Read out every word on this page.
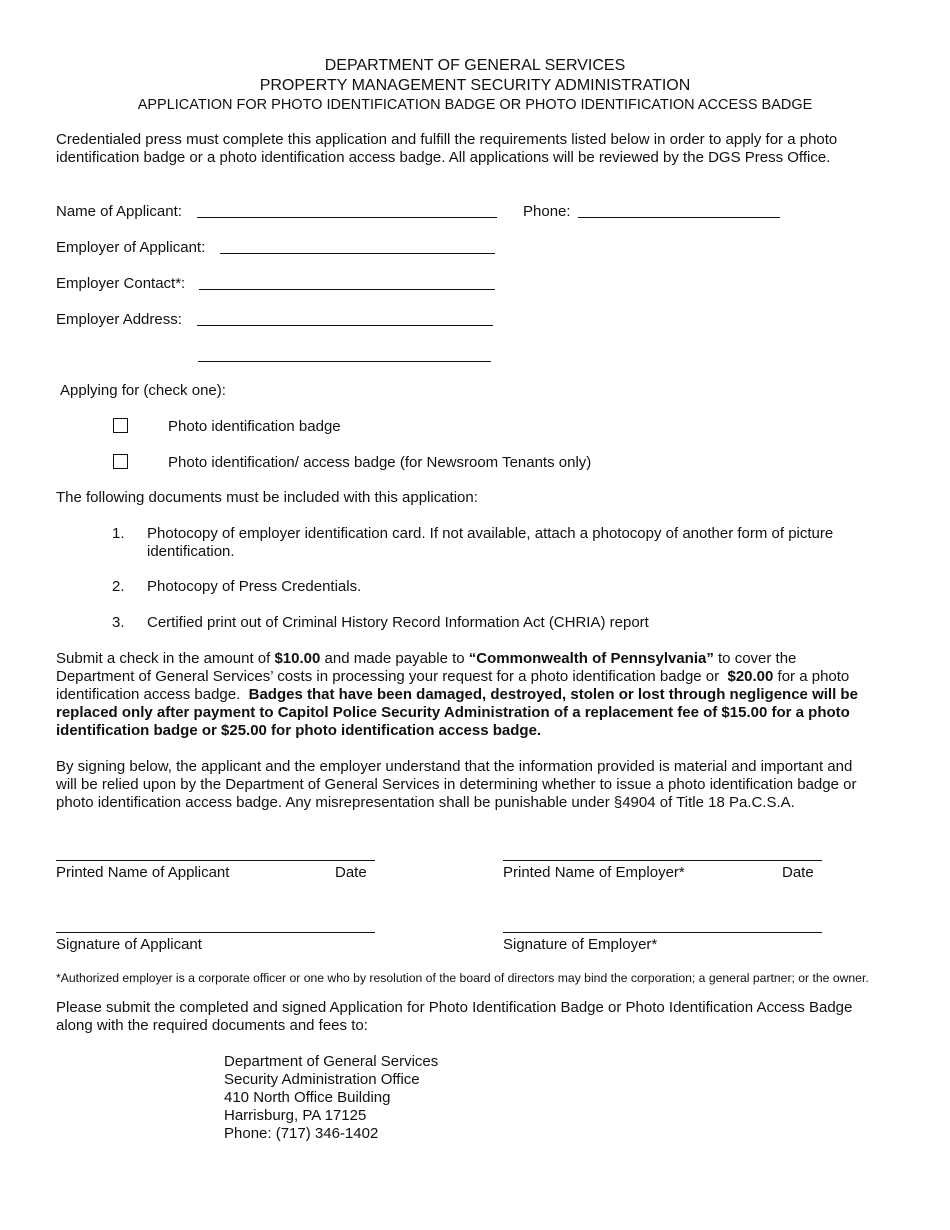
DEPARTMENT OF GENERAL SERVICES
PROPERTY MANAGEMENT SECURITY ADMINISTRATION
APPLICATION FOR PHOTO IDENTIFICATION BADGE OR PHOTO IDENTIFICATION ACCESS BADGE
Credentialed press must complete this application and fulfill the requirements listed below in order to apply for a photo
identification badge or a photo identification access badge. All applications will be reviewed by the DGS Press Office.
Name of Applicant:	Phone:
Employer of Applicant:
Employer Contact*:
Employer Address:
Applying for (check one):
Photo identification badge
Photo identification/ access badge (for Newsroom Tenants only)
The following documents must be included with this application:
1. Photocopy of employer identification card. If not available, attach a photocopy of another form of picture
identification.
2. Photocopy of Press Credentials.
3. Certified print out of Criminal History Record Information Act (CHRIA) report
Submit a check in the amount of $10.00 and made payable to “Commonwealth of Pennsylvania” to cover the
Department of General Services’ costs in processing your request for a photo identification badge or  $20.00 for a photo
identification access badge.  Badges that have been damaged, destroyed, stolen or lost through negligence will be
replaced only after payment to Capitol Police Security Administration of a replacement fee of $15.00 for a photo
identification badge or $25.00 for photo identification access badge.
By signing below, the applicant and the employer understand that the information provided is material and important and
will be relied upon by the Department of General Services in determining whether to issue a photo identification badge or
photo identification access badge. Any misrepresentation shall be punishable under §4904 of Title 18 Pa.C.S.A.
Printed Name of Applicant	Date	Printed Name of Employer*	Date
Signature of Applicant	Signature of Employer*
*Authorized employer is a corporate officer or one who by resolution of the board of directors may bind the corporation; a general partner; or the owner.
Please submit the completed and signed Application for Photo Identification Badge or Photo Identification Access Badge
along with the required documents and fees to:
Department of General Services
Security Administration Office
410 North Office Building
Harrisburg, PA 17125
Phone: (717) 346-1402
